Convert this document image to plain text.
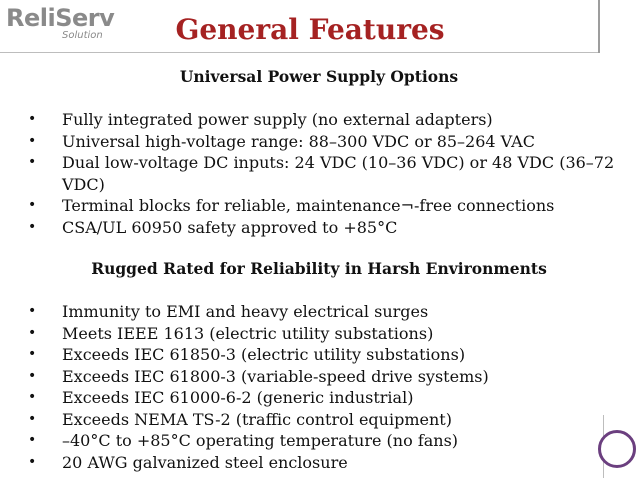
ReliServ
Solution	General Features
Universal Power Supply Options
•	Fully integrated power supply (no external adapters)
•	Universal high-voltage range: 88–300 VDC or 85–264 VAC
•	Dual low-voltage DC inputs: 24 VDC (10–36 VDC) or 48 VDC (36–72 VDC)
•	Terminal blocks for reliable, maintenance¬-free connections
•	CSA/UL 60950 safety approved to +85°C
Rugged Rated for Reliability in Harsh Environments
•	Immunity to EMI and heavy electrical surges
•	Meets IEEE 1613 (electric utility substations)
•	Exceeds IEC 61850-3 (electric utility substations)
•	Exceeds IEC 61800-3 (variable-speed drive systems)
•	Exceeds IEC 61000-6-2 (generic industrial)
•	Exceeds NEMA TS-2 (traffic control equipment)
•	–40°C to +85°C operating temperature (no fans)
•	20 AWG galvanized steel enclosure
